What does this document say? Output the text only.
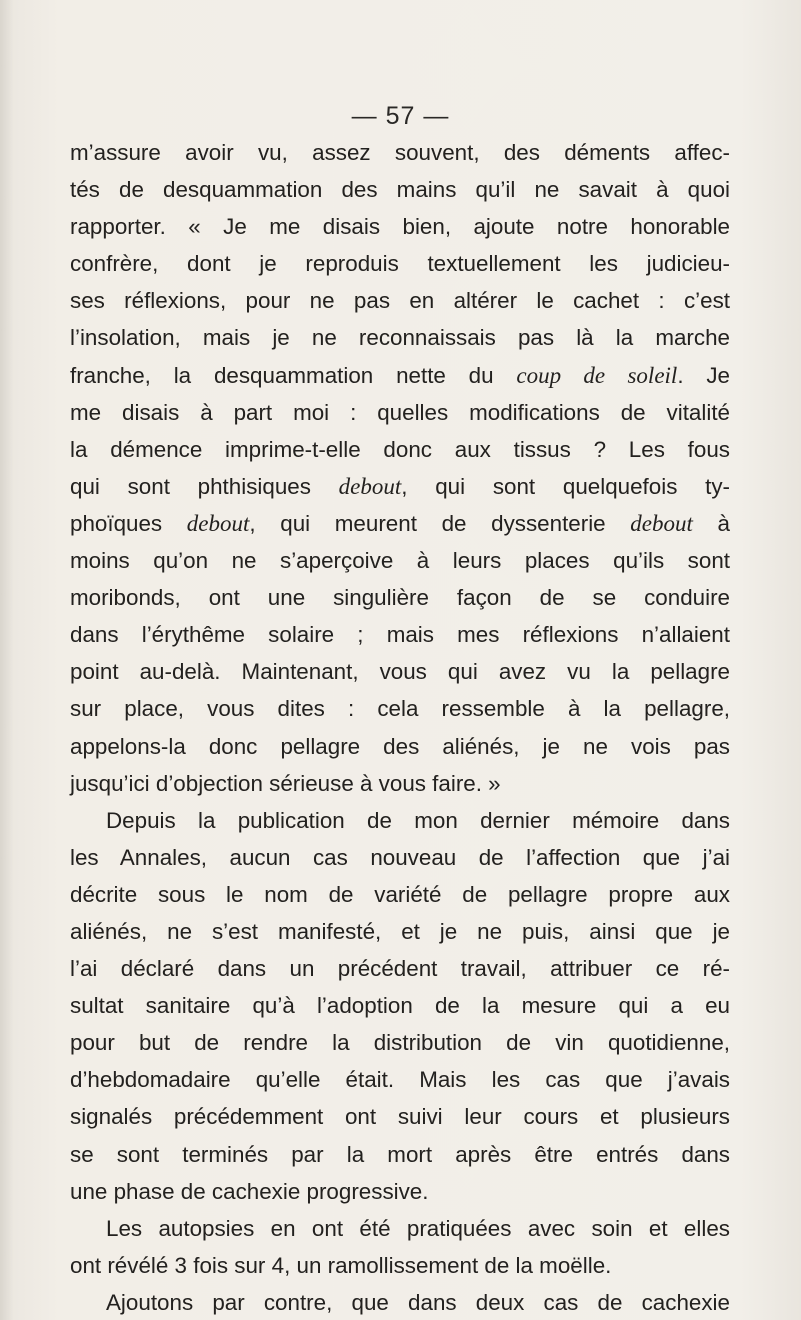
— 57 —
m’assure avoir vu, assez souvent, des déments affec-
tés de desquammation des mains qu’il ne savait à quoi
rapporter. « Je me disais bien, ajoute notre honorable
confrère, dont je reproduis textuellement les judicieu-
ses réflexions, pour ne pas en altérer le cachet : c’est
l’insolation, mais je ne reconnaissais pas là la marche
franche, la desquammation nette du coup de soleil. Je
me disais à part moi : quelles modifications de vitalité
la démence imprime-t-elle donc aux tissus ? Les fous
qui sont phthisiques debout, qui sont quelquefois ty-
phoïques debout, qui meurent de dyssenterie debout à
moins qu’on ne s’aperçoive à leurs places qu’ils sont
moribonds, ont une singulière façon de se conduire
dans l’érythême solaire ; mais mes réflexions n’allaient
point au-delà. Maintenant, vous qui avez vu la pellagre
sur place, vous dites : cela ressemble à la pellagre,
appelons-la donc pellagre des aliénés, je ne vois pas
jusqu’ici d’objection sérieuse à vous faire. »
Depuis la publication de mon dernier mémoire dans
les Annales, aucun cas nouveau de l’affection que j’ai
décrite sous le nom de variété de pellagre propre aux
aliénés, ne s’est manifesté, et je ne puis, ainsi que je
l’ai déclaré dans un précédent travail, attribuer ce ré-
sultat sanitaire qu’à l’adoption de la mesure qui a eu
pour but de rendre la distribution de vin quotidienne,
d’hebdomadaire qu’elle était. Mais les cas que j’avais
signalés précédemment ont suivi leur cours et plusieurs
se sont terminés par la mort après être entrés dans
une phase de cachexie progressive.
Les autopsies en ont été pratiquées avec soin et elles
ont révélé 3 fois sur 4, un ramollissement de la moëlle.
Ajoutons par contre, que dans deux cas de cachexie
